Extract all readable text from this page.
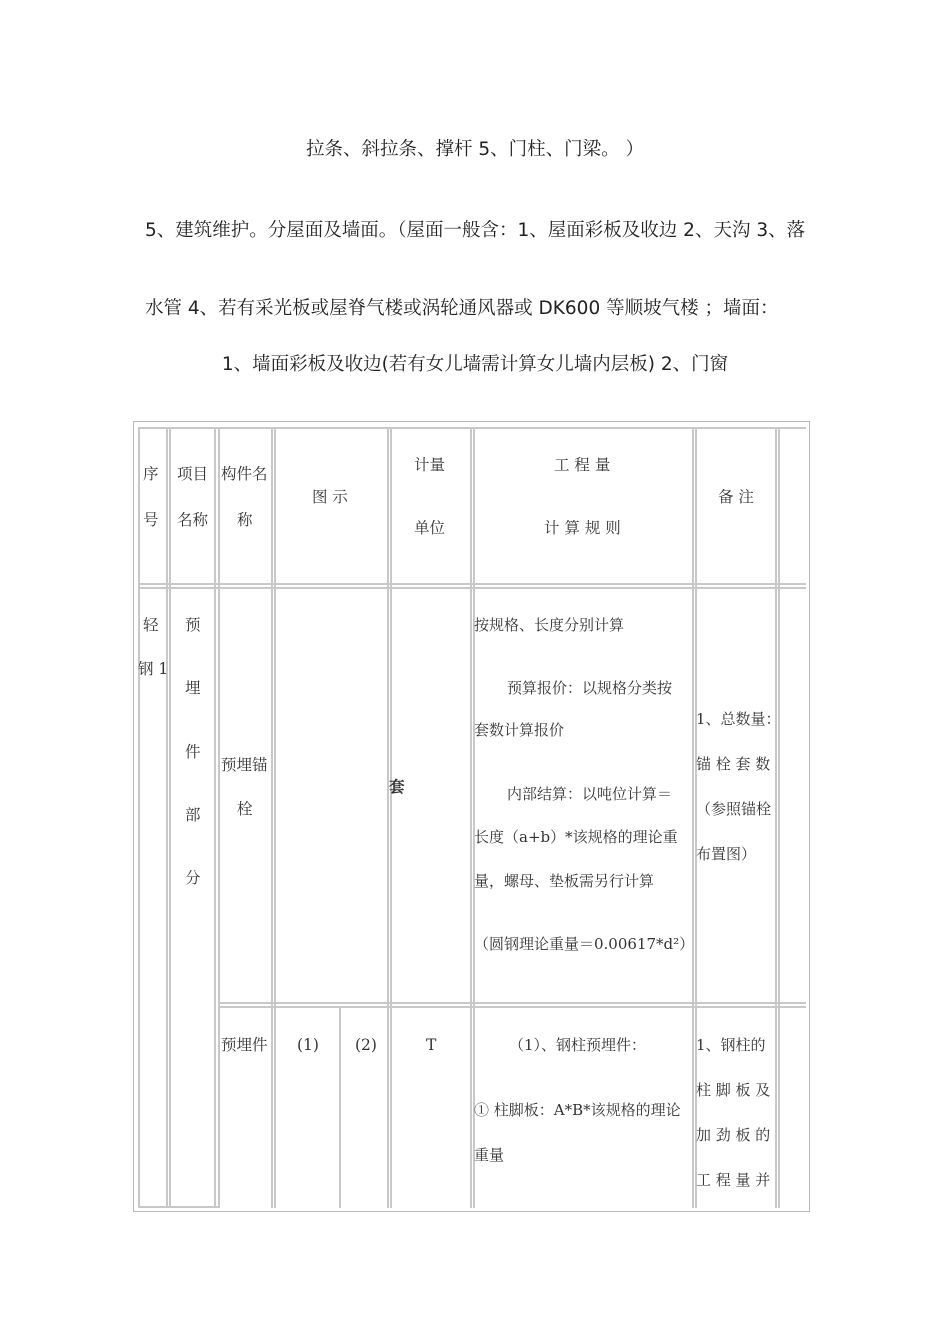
拉条、斜拉条、撑杆 5、门柱、门梁。 ）
5、建筑维护。分屋面及墙面。（屋面一般含：1、屋面彩板及收边 2、天沟 3、落
水管 4、若有采光板或屋脊气楼或涡轮通风器或 DK600 等顺坡气楼 ；墙面：
1、墙面彩板及收边(若有女儿墙需计算女儿墙内层板) 2、门窗
序
号
项目
名称
构件名
称
图 示
计量
单位
工 程 量
计 算 规 则
备 注
轻
钢 1
预
埋
件
部
分
预埋锚
栓
套
按规格、长度分别计算
预算报价：以规格分类按
套数计算报价
内部结算：以吨位计算＝
长度（a+b）*该规格的理论重
量，螺母、垫板需另行计算
（圆钢理论重量＝0.00617*d²）
1、总数量：
锚 栓 套 数
（参照锚栓
布置图）
预埋件 (1) (2)	T	（1）、钢柱预埋件：
① 柱脚板：A*B*该规格的理论
重量
1、钢柱的
柱 脚 板 及
加 劲 板 的
工 程 量 并
